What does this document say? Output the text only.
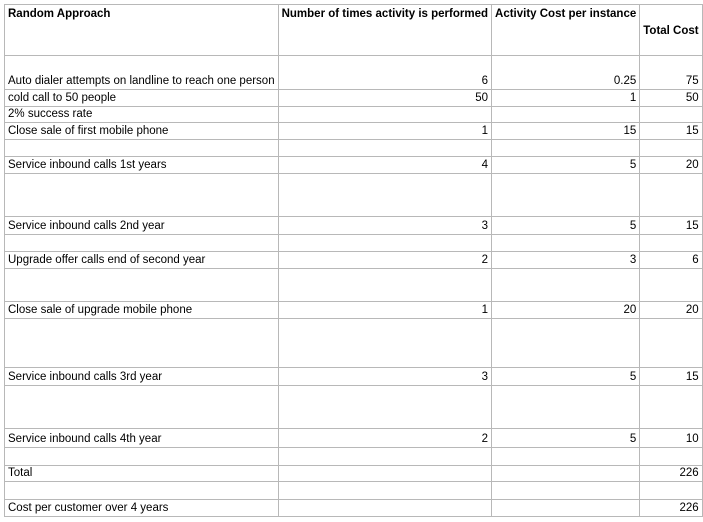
Random Approach	Number of times activity is performed	Activity Cost per instance	Total Cost
Auto dialer attempts on landline to reach one person	6	0.25	75
cold call to 50 people	50	1	50
2% success rate			
Close sale of first mobile phone	1	15	15

Service inbound calls 1st years	4	5	20

Service inbound calls 2nd year	3	5	15

Upgrade offer calls end of second year	2	3	6

Close sale of upgrade mobile phone	1	20	20

Service inbound calls 3rd year	3	5	15

Service inbound calls 4th year	2	5	10

Total			226

Cost per customer over 4 years			226
